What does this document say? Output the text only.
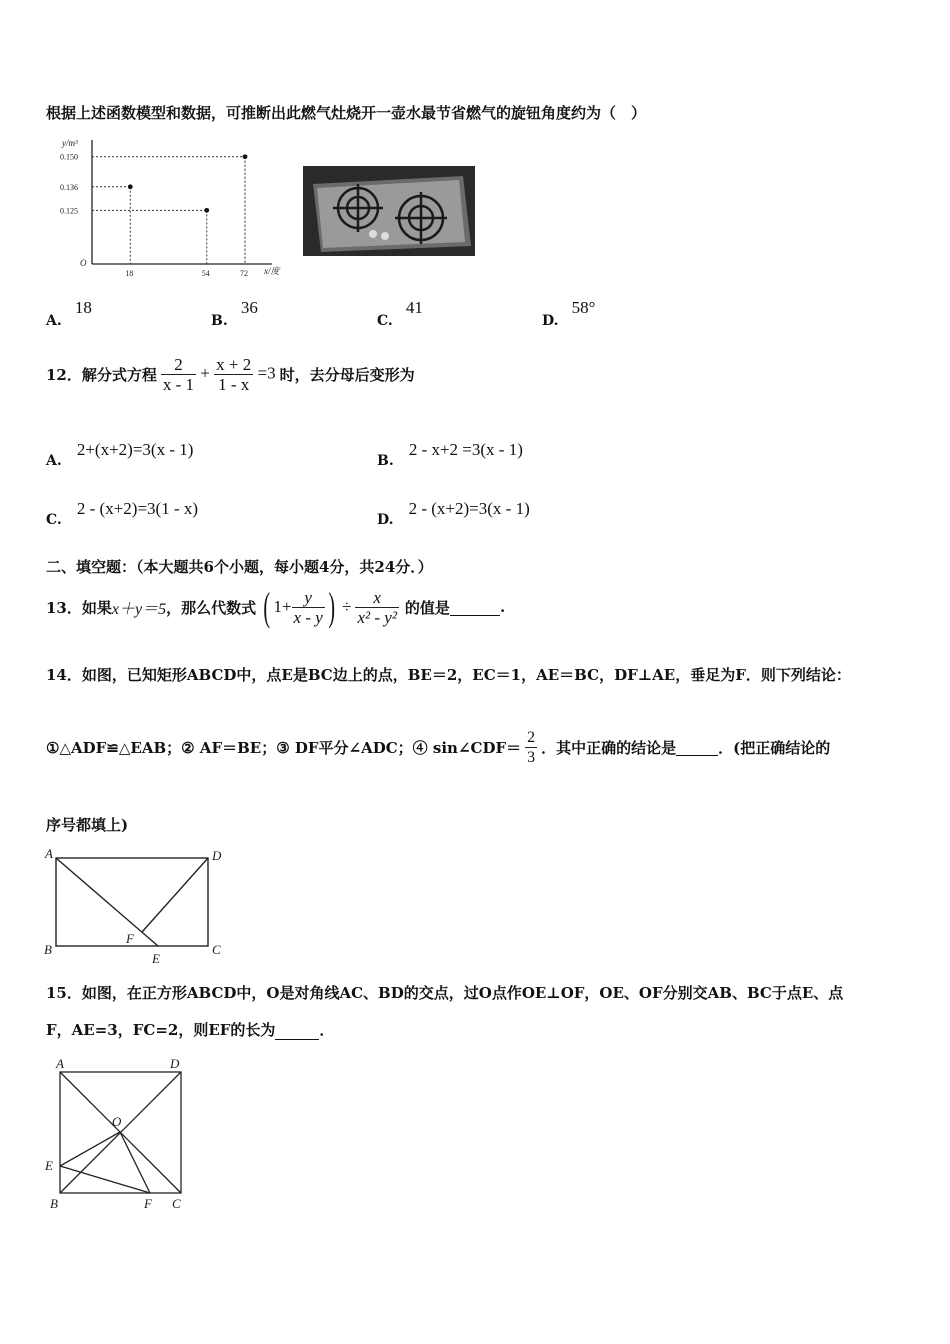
根据上述函数模型和数据，可推断出此燃气灶烧开一壶水最节省燃气的旋钮角度约为（　）
y/m³
x/度
O
18	54	72
0.150
0.136
0.125
A. 18
B. 36
C. 41
D. 58°
12．解分式方程 $\frac{2}{x - 1} + \frac{x + 2}{1 - x} =3$ 时，去分母后变形为
A. 2+(x+2)=3(x - 1)
B. 2 - x+2 =3(x - 1)
C. 2 - (x+2)=3(1 - x)
D. 2 - (x+2)=3(x - 1)
二、填空题：（本大题共6个小题，每小题4分，共24分．）
13．如果 x＋y＝5 ，那么代数式 ( $1+ \frac{y}{x - y}$ ) ÷ $\frac{x}{\text{x² - y²}}$ 的值是	.
14．如图，已知矩形ABCD中，点E是BC边上的点，BE＝2，EC＝1，AE＝BC，DF⊥AE，垂足为F．则下列结论：
①△ADF≌△EAB；② AF＝BE；③ DF平分∠ADC；④ sin∠CDF＝ $\frac{2}{3}$ ．其中正确的结论是	．(把正确结论的
序号都填上)
A	D
B	C
F
E
15．如图，在正方形ABCD中，O是对角线AC、BD的交点，过O点作OE⊥OF，OE、OF分别交AB、BC于点E、点
F，AE=3，FC=2，则EF的长为	．
A	D
B	C
F
E
O
